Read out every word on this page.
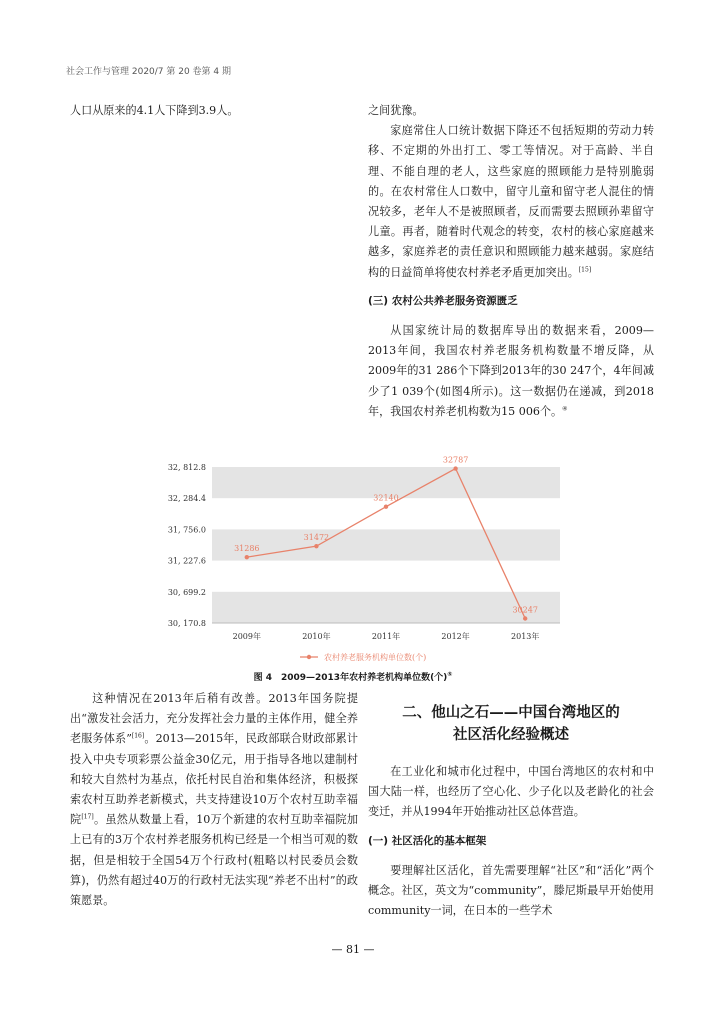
社会工作与管理 2020/7 第 20 卷第 4 期

人口从原来的4.1人下降到3.9人。	之间犹豫。

家庭常住人口统计数据下降还不包括短期的劳动力转移、不定期的外出打工、零工等情况。对于高龄、半自理、不能自理的老人，这些家庭的照顾能力是特别脆弱的。在农村常住人口数中，留守儿童和留守老人混住的情况较多，老年人不是被照顾者，反而需要去照顾孙辈留守儿童。再者，随着时代观念的转变，农村的核心家庭越来越多，家庭养老的责任意识和照顾能力越来越弱。家庭结构的日益简单将使农村养老矛盾更加突出。[15]

(三) 农村公共养老服务资源匮乏

从国家统计局的数据库导出的数据来看，2009—2013年间，我国农村养老服务机构数量不增反降，从2009年的31 286个下降到2013年的30 247个，4年间减少了1 039个(如图4所示)。这一数据仍在递减，到2018年，我国农村养老机构数为15 006个。④

30, 170.8
30, 699.2
31, 227.6
31, 756.0
32, 284.4
32, 812.8
2009年	2010年	2011年	2012年	2013年
31286
31472
32140
32787
30247
农村养老服务机构单位数(个)
图 4　2009—2013年农村养老机构单位数(个)⑤

这种情况在2013年后稍有改善。2013年国务院提出“激发社会活力，充分发挥社会力量的主体作用，健全养老服务体系”[16]。2013—2015年，民政部联合财政部累计投入中央专项彩票公益金30亿元，用于指导各地以建制村和较大自然村为基点，依托村民自治和集体经济，积极探索农村互助养老新模式，共支持建设10万个农村互助幸福院[17]。虽然从数量上看，10万个新建的农村互助幸福院加上已有的3万个农村养老服务机构已经是一个相当可观的数据，但是相较于全国54万个行政村(粗略以村民委员会数算)，仍然有超过40万的行政村无法实现“养老不出村”的政策愿景。

二、他山之石——中国台湾地区的
社区活化经验概述

在工业化和城市化过程中，中国台湾地区的农村和中国大陆一样，也经历了空心化、少子化以及老龄化的社会变迁，并从1994年开始推动社区总体营造。

(一) 社区活化的基本框架

要理解社区活化，首先需要理解“社区”和“活化”两个概念。社区，英文为“community”，滕尼斯最早开始使用community一词，在日本的一些学术

— 81 —
